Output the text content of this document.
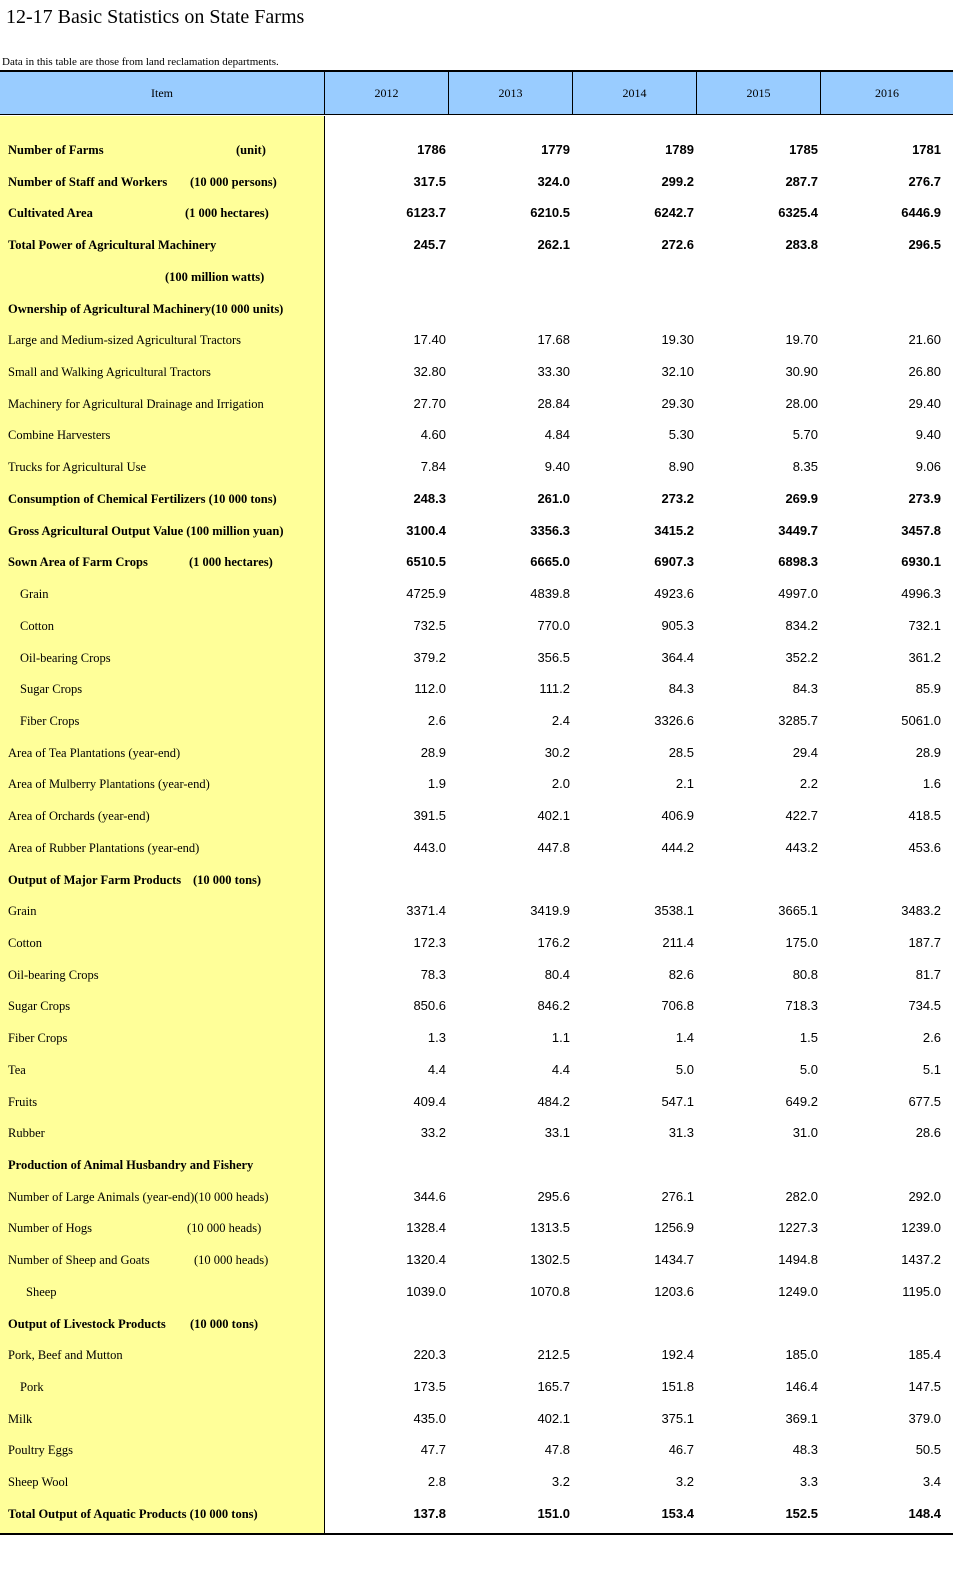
12-17 Basic Statistics on State Farms
Data in this table are those from land reclamation departments.
Item	2012	2013	2014	2015	2016
Number of Farms	(unit)	1786	1779	1789	1785	1781
Number of Staff and Workers (10 000 persons)	317.5	324.0	299.2	287.7	276.7
Cultivated Area	(1 000 hectares)	6123.7	6210.5	6242.7	6325.4	6446.9
Total Power of Agricultural Machinery	245.7	262.1	272.6	283.8	296.5
(100 million watts)
Ownership of Agricultural Machinery(10 000 units)
Large and Medium-sized Agricultural Tractors	17.40	17.68	19.30	19.70	21.60
Small and Walking Agricultural Tractors	32.80	33.30	32.10	30.90	26.80
Machinery for Agricultural Drainage and Irrigation	27.70	28.84	29.30	28.00	29.40
Combine Harvesters	4.60	4.84	5.30	5.70	9.40
Trucks for Agricultural Use	7.84	9.40	8.90	8.35	9.06
Consumption of Chemical Fertilizers (10 000 tons)	248.3	261.0	273.2	269.9	273.9
Gross Agricultural Output Value (100 million yuan)	3100.4	3356.3	3415.2	3449.7	3457.8
Sown Area of Farm Crops	(1 000 hectares)	6510.5	6665.0	6907.3	6898.3	6930.1
Grain	4725.9	4839.8	4923.6	4997.0	4996.3
Cotton	732.5	770.0	905.3	834.2	732.1
Oil-bearing Crops	379.2	356.5	364.4	352.2	361.2
Sugar Crops	112.0	111.2	84.3	84.3	85.9
Fiber Crops	2.6	2.4	3326.6	3285.7	5061.0
Area of Tea Plantations (year-end)	28.9	30.2	28.5	29.4	28.9
Area of Mulberry Plantations (year-end)	1.9	2.0	2.1	2.2	1.6
Area of Orchards (year-end)	391.5	402.1	406.9	422.7	418.5
Area of Rubber Plantations (year-end)	443.0	447.8	444.2	443.2	453.6
Output of Major Farm Products (10 000 tons)
Grain	3371.4	3419.9	3538.1	3665.1	3483.2
Cotton	172.3	176.2	211.4	175.0	187.7
Oil-bearing Crops	78.3	80.4	82.6	80.8	81.7
Sugar Crops	850.6	846.2	706.8	718.3	734.5
Fiber Crops	1.3	1.1	1.4	1.5	2.6
Tea	4.4	4.4	5.0	5.0	5.1
Fruits	409.4	484.2	547.1	649.2	677.5
Rubber	33.2	33.1	31.3	31.0	28.6
Production of Animal Husbandry and Fishery
Number of Large Animals (year-end)(10 000 heads)	344.6	295.6	276.1	282.0	292.0
Number of Hogs	(10 000 heads)	1328.4	1313.5	1256.9	1227.3	1239.0
Number of Sheep and Goats	(10 000 heads)	1320.4	1302.5	1434.7	1494.8	1437.2
Sheep	1039.0	1070.8	1203.6	1249.0	1195.0
Output of Livestock Products (10 000 tons)
Pork, Beef and Mutton	220.3	212.5	192.4	185.0	185.4
Pork	173.5	165.7	151.8	146.4	147.5
Milk	435.0	402.1	375.1	369.1	379.0
Poultry Eggs	47.7	47.8	46.7	48.3	50.5
Sheep Wool	2.8	3.2	3.2	3.3	3.4
Total Output of Aquatic Products (10 000 tons)	137.8	151.0	153.4	152.5	148.4
